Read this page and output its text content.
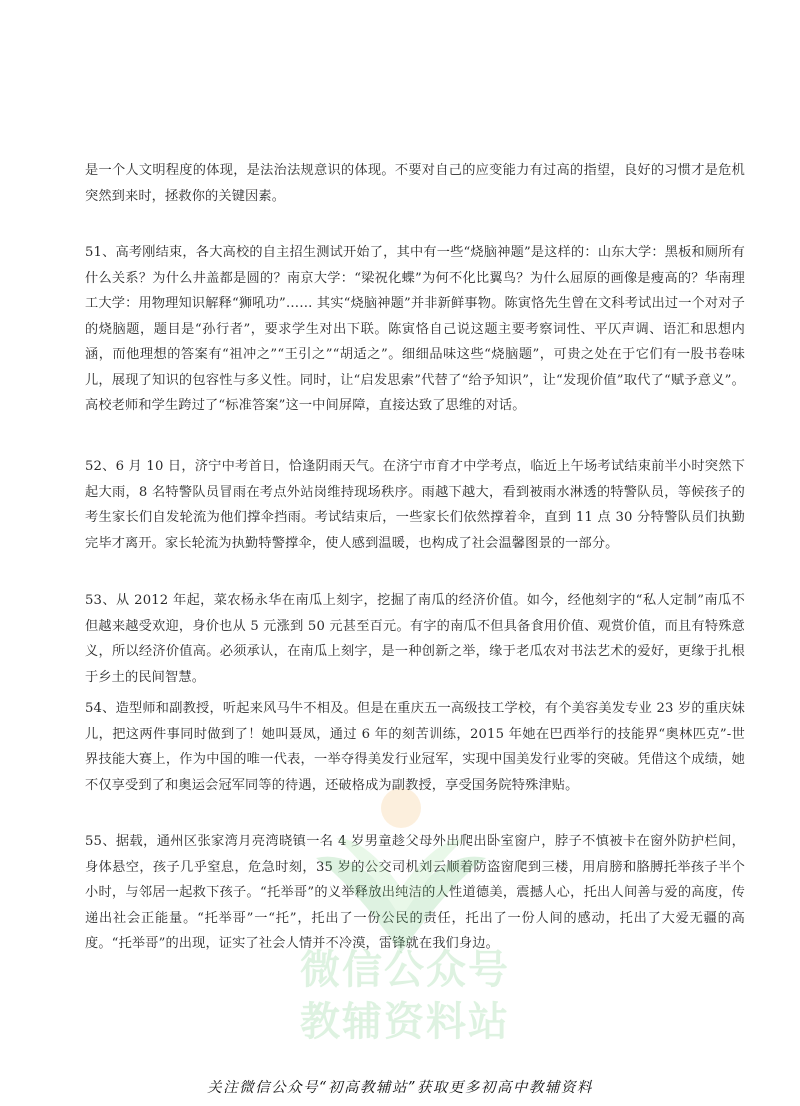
是一个人文明程度的体现，是法治法规意识的体现。不要对自己的应变能力有过高的指望，良好的习惯才是危机突然到来时，拯救你的关键因素。

51、高考刚结束，各大高校的自主招生测试开始了，其中有一些“烧脑神题”是这样的：山东大学：黑板和厕所有什么关系？为什么井盖都是圆的？南京大学：“梁祝化蝶”为何不化比翼鸟？为什么屈原的画像是瘦高的？华南理工大学：用物理知识解释“狮吼功”…… 其实“烧脑神题”并非新鲜事物。陈寅恪先生曾在文科考试出过一个对对子的烧脑题，题目是“孙行者”，要求学生对出下联。陈寅恪自己说这题主要考察词性、平仄声调、语汇和思想内涵，而他理想的答案有“祖冲之”“王引之”“胡适之”。细细品味这些“烧脑题”，可贵之处在于它们有一股书卷味儿，展现了知识的包容性与多义性。同时，让“启发思索”代替了“给予知识”，让“发现价值”取代了“赋予意义”。高校老师和学生跨过了“标准答案”这一中间屏障，直接达致了思维的对话。

52、6 月 10 日，济宁中考首日，恰逢阴雨天气。在济宁市育才中学考点，临近上午场考试结束前半小时突然下起大雨，8 名特警队员冒雨在考点外站岗维持现场秩序。雨越下越大，看到被雨水淋透的特警队员，等候孩子的考生家长们自发轮流为他们撑伞挡雨。考试结束后，一些家长们依然撑着伞，直到 11 点 30 分特警队员们执勤完毕才离开。家长轮流为执勤特警撑伞，使人感到温暖，也构成了社会温馨图景的一部分。

53、从 2012 年起，菜农杨永华在南瓜上刻字，挖掘了南瓜的经济价值。如今，经他刻字的“私人定制”南瓜不但越来越受欢迎，身价也从 5 元涨到 50 元甚至百元。有字的南瓜不但具备食用价值、观赏价值，而且有特殊意义，所以经济价值高。必须承认，在南瓜上刻字，是一种创新之举，缘于老瓜农对书法艺术的爱好，更缘于扎根于乡土的民间智慧。

54、造型师和副教授，听起来风马牛不相及。但是在重庆五一高级技工学校，有个美容美发专业 23 岁的重庆妹儿，把这两件事同时做到了！她叫聂凤，通过 6 年的刻苦训练，2015 年她在巴西举行的技能界“奥林匹克”-世界技能大赛上，作为中国的唯一代表，一举夺得美发行业冠军，实现中国美发行业零的突破。凭借这个成绩，她不仅享受到了和奥运会冠军同等的待遇，还破格成为副教授，享受国务院特殊津贴。

55、据载，通州区张家湾月亮湾晓镇一名 4 岁男童趁父母外出爬出卧室窗户，脖子不慎被卡在窗外防护栏间，身体悬空，孩子几乎窒息，危急时刻，35 岁的公交司机刘云顺着防盗窗爬到三楼，用肩膀和胳膊托举孩子半个小时，与邻居一起救下孩子。“托举哥”的义举释放出纯洁的人性道德美，震撼人心，托出人间善与爱的高度，传递出社会正能量。“托举哥”一“托”，托出了一份公民的责任，托出了一份人间的感动，托出了大爱无疆的高度。“托举哥”的出现，证实了社会人情并不冷漠，雷锋就在我们身边。

微信公众号
教辅资料站
关注微信公众号“初高教辅站”获取更多初高中教辅资料
